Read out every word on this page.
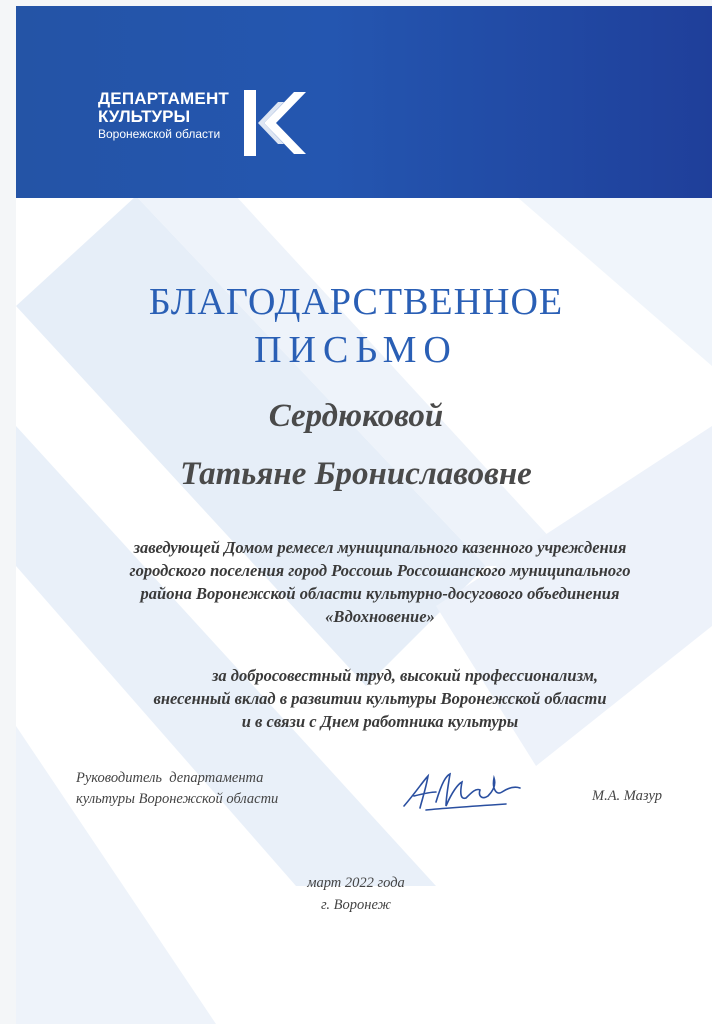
ДЕПАРТАМЕНТ
КУЛЬТУРЫ
Воронежской области
БЛАГОДАРСТВЕННОЕ
ПИСЬМО
Сердюковой
Татьяне Брониславовне
заведующей Домом ремесел муниципального казенного учреждения
городского поселения город Россошь Россошанского муниципального
района Воронежской области культурно-досугового объединения
«Вдохновение»
за добросовестный труд, высокий профессионализм,
внесенный вклад в развитии культуры Воронежской области
и в связи с Днем работника культуры
Руководитель  департамента
культуры Воронежской области	М.А. Мазур
март 2022 года
г. Воронеж
